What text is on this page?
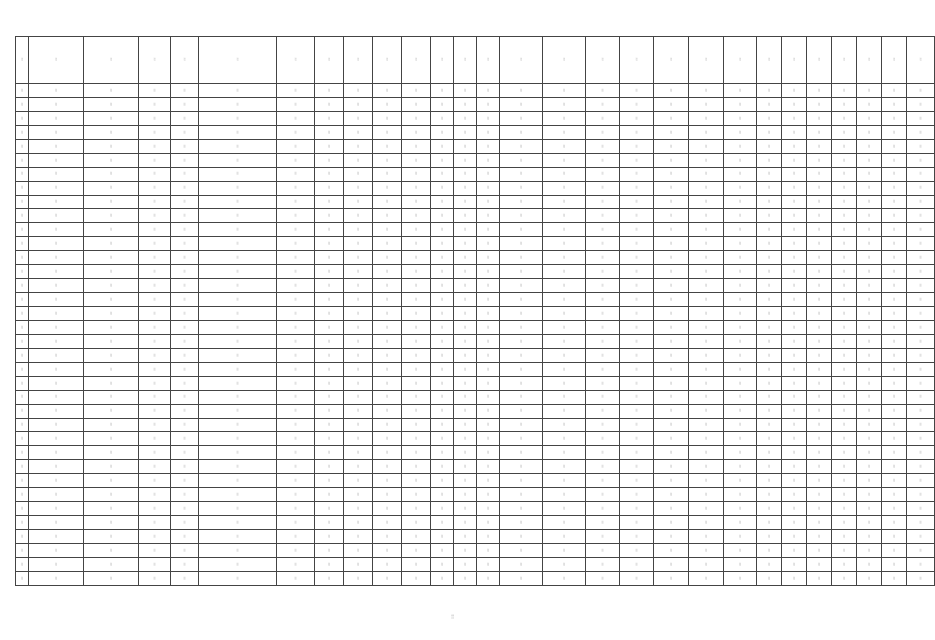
░	░	░	░	░	░	░	░	░	░	░	░	░	░	░	░	░	░	░	░	░	░	░	░	░	░	░	░
░	░	░	░	░	░	░	░	░	░	░	░	░	░	░	░	░	░	░	░	░	░	░	░	░	░	░	░
░	░	░	░	░	░	░	░	░	░	░	░	░	░	░	░	░	░	░	░	░	░	░	░	░	░	░	░
░	░	░	░	░	░	░	░	░	░	░	░	░	░	░	░	░	░	░	░	░	░	░	░	░	░	░	░
░	░	░	░	░	░	░	░	░	░	░	░	░	░	░	░	░	░	░	░	░	░	░	░	░	░	░	░
░	░	░	░	░	░	░	░	░	░	░	░	░	░	░	░	░	░	░	░	░	░	░	░	░	░	░	░
░	░	░	░	░	░	░	░	░	░	░	░	░	░	░	░	░	░	░	░	░	░	░	░	░	░	░	░
░	░	░	░	░	░	░	░	░	░	░	░	░	░	░	░	░	░	░	░	░	░	░	░	░	░	░	░
░	░	░	░	░	░	░	░	░	░	░	░	░	░	░	░	░	░	░	░	░	░	░	░	░	░	░	░
░	░	░	░	░	░	░	░	░	░	░	░	░	░	░	░	░	░	░	░	░	░	░	░	░	░	░	░
░	░	░	░	░	░	░	░	░	░	░	░	░	░	░	░	░	░	░	░	░	░	░	░	░	░	░	░
░	░	░	░	░	░	░	░	░	░	░	░	░	░	░	░	░	░	░	░	░	░	░	░	░	░	░	░
░	░	░	░	░	░	░	░	░	░	░	░	░	░	░	░	░	░	░	░	░	░	░	░	░	░	░	░
░	░	░	░	░	░	░	░	░	░	░	░	░	░	░	░	░	░	░	░	░	░	░	░	░	░	░	░
░	░	░	░	░	░	░	░	░	░	░	░	░	░	░	░	░	░	░	░	░	░	░	░	░	░	░	░
░	░	░	░	░	░	░	░	░	░	░	░	░	░	░	░	░	░	░	░	░	░	░	░	░	░	░	░
░	░	░	░	░	░	░	░	░	░	░	░	░	░	░	░	░	░	░	░	░	░	░	░	░	░	░	░
░	░	░	░	░	░	░	░	░	░	░	░	░	░	░	░	░	░	░	░	░	░	░	░	░	░	░	░
░	░	░	░	░	░	░	░	░	░	░	░	░	░	░	░	░	░	░	░	░	░	░	░	░	░	░	░
░	░	░	░	░	░	░	░	░	░	░	░	░	░	░	░	░	░	░	░	░	░	░	░	░	░	░	░
░	░	░	░	░	░	░	░	░	░	░	░	░	░	░	░	░	░	░	░	░	░	░	░	░	░	░	░
░	░	░	░	░	░	░	░	░	░	░	░	░	░	░	░	░	░	░	░	░	░	░	░	░	░	░	░
░	░	░	░	░	░	░	░	░	░	░	░	░	░	░	░	░	░	░	░	░	░	░	░	░	░	░	░
░	░	░	░	░	░	░	░	░	░	░	░	░	░	░	░	░	░	░	░	░	░	░	░	░	░	░	░
░	░	░	░	░	░	░	░	░	░	░	░	░	░	░	░	░	░	░	░	░	░	░	░	░	░	░	░
░	░	░	░	░	░	░	░	░	░	░	░	░	░	░	░	░	░	░	░	░	░	░	░	░	░	░	░
░	░	░	░	░	░	░	░	░	░	░	░	░	░	░	░	░	░	░	░	░	░	░	░	░	░	░	░
░	░	░	░	░	░	░	░	░	░	░	░	░	░	░	░	░	░	░	░	░	░	░	░	░	░	░	░
░	░	░	░	░	░	░	░	░	░	░	░	░	░	░	░	░	░	░	░	░	░	░	░	░	░	░	░
░	░	░	░	░	░	░	░	░	░	░	░	░	░	░	░	░	░	░	░	░	░	░	░	░	░	░	░
░	░	░	░	░	░	░	░	░	░	░	░	░	░	░	░	░	░	░	░	░	░	░	░	░	░	░	░
░	░	░	░	░	░	░	░	░	░	░	░	░	░	░	░	░	░	░	░	░	░	░	░	░	░	░	░
░	░	░	░	░	░	░	░	░	░	░	░	░	░	░	░	░	░	░	░	░	░	░	░	░	░	░	░
░	░	░	░	░	░	░	░	░	░	░	░	░	░	░	░	░	░	░	░	░	░	░	░	░	░	░	░
░	░	░	░	░	░	░	░	░	░	░	░	░	░	░	░	░	░	░	░	░	░	░	░	░	░	░	░
░	░	░	░	░	░	░	░	░	░	░	░	░	░	░	░	░	░	░	░	░	░	░	░	░	░	░	░
░	░	░	░	░	░	░	░	░	░	░	░	░	░	░	░	░	░	░	░	░	░	░	░	░	░	░	░
░
